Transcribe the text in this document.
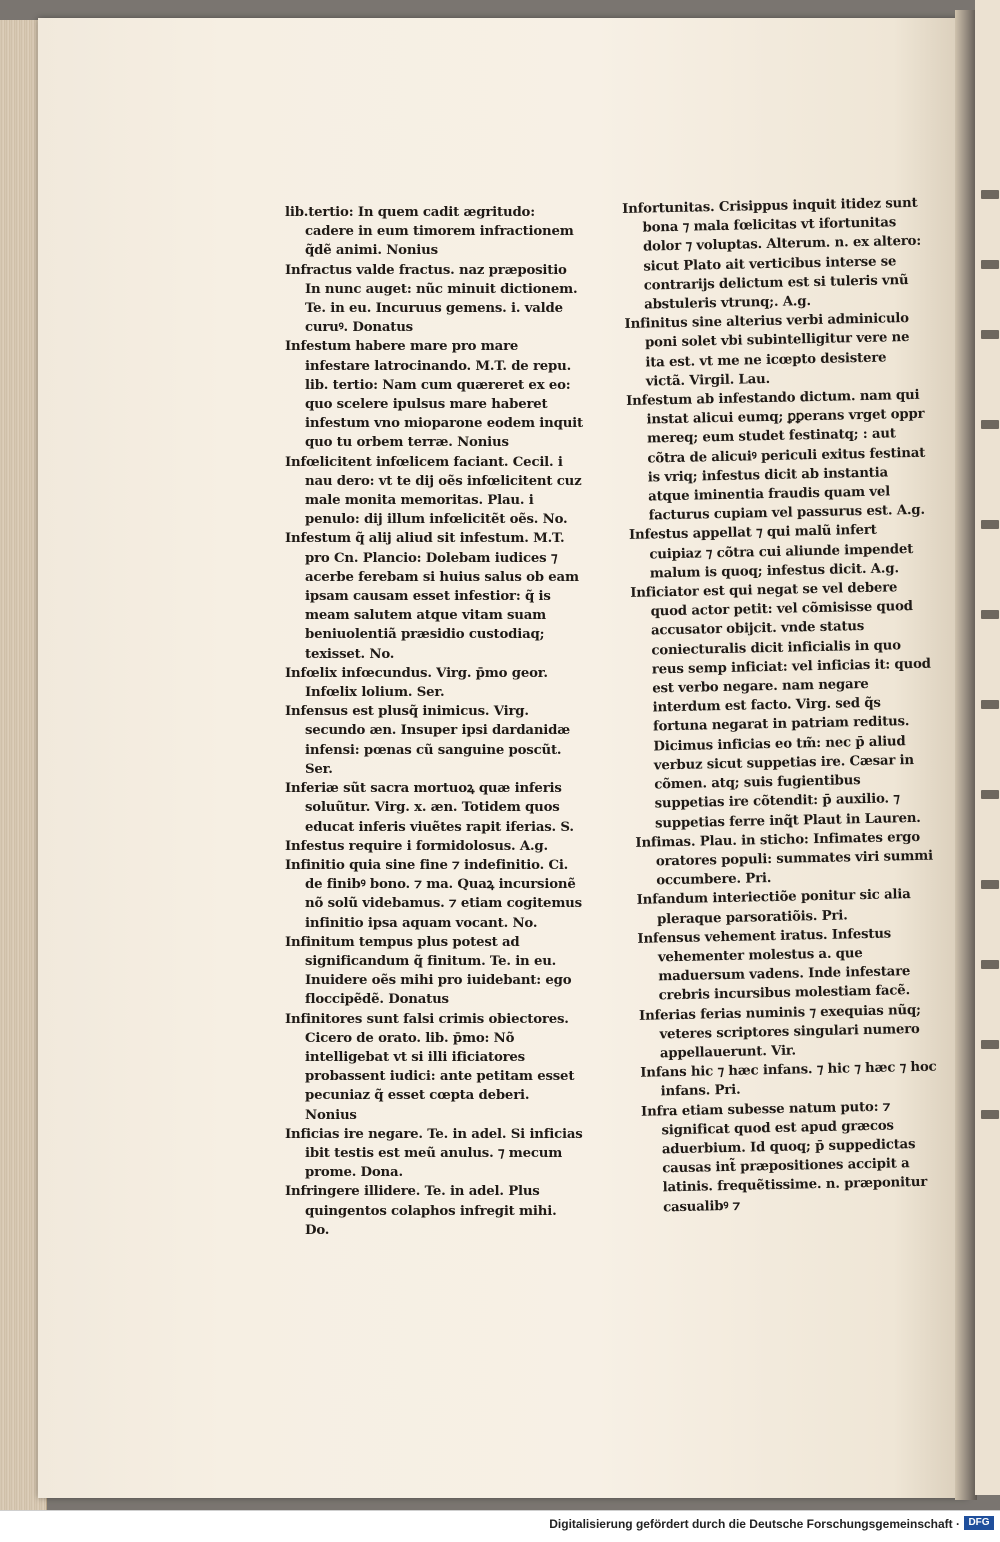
lib.tertio: In quem cadit ægritudo: cadere in eum timorem infractionem q̃dẽ animi. Nonius

Infractus valde fractus. naz præpositio In nunc auget: nũc minuit dictionem. Te. in eu. Incuruus gemens. i. valde curuꝰ. Donatus

Infestum habere mare pro mare infestare latrocinando. M.T. de repu. lib. tertio: Nam cum quæreret ex eo: quo scelere ipulsus mare haberet infestum vno mioparone eodem inquit quo tu orbem terræ. Nonius

Infœlicitent infœlicem faciant. Cecil. i nau dero: vt te dij oẽs infœlicitent cuz male monita memoritas. Plau. i penulo: dij illum infœlicitẽt oẽs. No.

Infestum q̃ alij aliud sit infestum. M.T. pro Cn. Plancio: Dolebam iudices ⁊ acerbe ferebam si huius salus ob eam ipsam causam esset infestior: q̃ is meam salutem atque vitam suam beniuolentiã præsidio custodiaq; texisset. No.

Infœlix infœcundus. Virg. p̄mo geor. Infœlix lolium. Ser.

Infensus est plusq̃ inimicus. Virg. secundo æn. Insuper ipsi dardanidæ infensi: pœnas cũ sanguine poscũt. Ser.

Inferiæ sũt sacra mortuoꝝ quæ inferis soluũtur. Virg. x. æn. Totidem quos educat inferis viuẽtes rapit iferias. S.

Infestus require i formidolosus. A.g.

Infinitio quia sine fine ⁊ indefinitio. Ci. de finibꝰ bono. ⁊ ma. Quaꝝ incursionẽ nõ solũ videbamus. ⁊ etiam cogitemus infinitio ipsa aquam vocant. No.

Infinitum tempus plus potest ad significandum q̃ finitum. Te. in eu. Inuidere oẽs mihi pro iuidebant: ego floccipẽdẽ. Donatus

Infinitores sunt falsi crimis obiectores. Cicero de orato. lib. p̄mo: Nõ intelligebat vt si illi ificiatores probassent iudici: ante petitam esset pecuniaz q̃ esset cœpta deberi. Nonius

Inficias ire negare. Te. in adel. Si inficias ibit testis est meũ anulus. ⁊ mecum prome. Dona.

Infringere illidere. Te. in adel. Plus quingentos colaphos infregit mihi. Do.

Infortunitas. Crisippus inquit itidez sunt bona ⁊ mala fœlicitas vt ifortunitas dolor ⁊ voluptas. Alterum. n. ex altero: sicut Plato ait verticibus interse se contrarijs delictum est si tuleris vnũ abstuleris vtrunq;. A.g.

Infinitus sine alterius verbi adminiculo poni solet vbi subintelligitur vere ne ita est. vt me ne icœpto desistere victã. Virgil. Lau.

Infestum ab infestando dictum. nam qui instat alicui eumq; ꝑꝑerans vrget oppr mereq; eum studet festinatq; : aut cõtra de alicuiꝰ periculi exitus festinat is vriq; infestus dicit ab instantia atque iminentia fraudis quam vel facturus cupiam vel passurus est. A.g.

Infestus appellat ⁊ qui malũ infert cuipiaz ⁊ cõtra cui aliunde impendet malum is quoq; infestus dicit. A.g.

Inficiator est qui negat se vel debere quod actor petit: vel cõmisisse quod accusator obijcit. vnde status coniecturalis dicit inficialis in quo reus semp inficiat: vel inficias it: quod est verbo negare. nam negare interdum est facto. Virg. sed q̃s fortuna negarat in patriam reditus. Dicimus inficias eo tm̃: nec p̄ aliud verbuz sicut suppetias ire. Cæsar in cõmen. atq; suis fugientibus suppetias ire cõtendit: p̄ auxilio. ⁊ suppetias ferre inq̃t Plaut in Lauren.

Infimas. Plau. in sticho: Infimates ergo oratores populi: summates viri summi occumbere. Pri.

Infandum interiectiõe ponitur sic alia pleraque parsoratiõis. Pri.

Infensus vehement iratus. Infestus vehementer molestus a. que maduersum vadens. Inde infestare crebris incursibus molestiam facẽ.

Inferias ferias numinis ⁊ exequias nũq; veteres scriptores singulari numero appellauerunt. Vir.

Infans hic ⁊ hæc infans. ⁊ hic ⁊ hæc ⁊ hoc infans. Pri.

Infra etiam subesse natum puto: ⁊ significat quod est apud græcos aduerbium. Id quoq; p̄ suppedictas causas int̃ præpositiones accipit a latinis. frequẽtissime. n. præponitur casualibꝰ ⁊

Digitalisierung gefördert durch die Deutsche Forschungsgemeinschaft · DFG
